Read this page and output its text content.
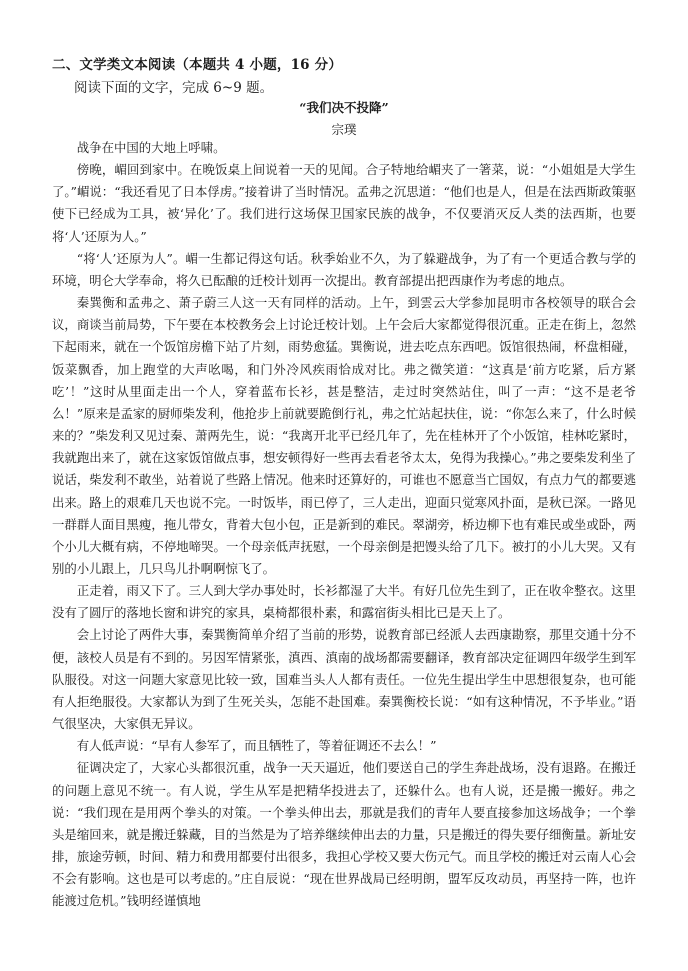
二、文学类文本阅读（本题共 4 小题，16 分）
阅读下面的文字，完成 6~9 题。
“我们决不投降”
宗璞

战争在中国的大地上呼啸。

傍晚，嵋回到家中。在晚饭桌上间说着一天的见闻。合子特地给嵋夹了一箸菜，说：“小姐姐是大学生了。”嵋说：“我还看见了日本俘虏。”接着讲了当时情况。孟弗之沉思道：“他们也是人，但是在法西斯政策驱使下已经成为工具，被‘异化’了。我们进行这场保卫国家民族的战争，不仅要消灭反人类的法西斯，也要将‘人’还原为人。”

“将‘人’还原为人”。嵋一生都记得这句话。秋季始业不久，为了躲避战争，为了有一个更适合教与学的环境，明仑大学奉命，将久已酝酿的迁校计划再一次提出。教育部提出把西康作为考虑的地点。

秦巽衡和孟弗之、萧子蔚三人这一天有同样的活动。上午，到雲云大学参加昆明市各校领导的联合会议，商谈当前局势，下午要在本校教务会上讨论迁校计划。上午会后大家都觉得很沉重。正走在街上，忽然下起雨来，就在一个饭馆房檐下站了片刻，雨势愈猛。巽衡说，进去吃点东西吧。饭馆很热闹，杯盘相碰，饭菜飘香，加上跑堂的大声吆喝，和门外冷风疾雨恰成对比。弗之微笑道：“这真是‘前方吃紧，后方紧吃’！”这时从里面走出一个人，穿着蓝布长衫，甚是整洁，走过时突然站住，叫了一声：“这不是老爷么！”原来是孟家的厨师柴发利，他抢步上前就要跪倒行礼，弗之忙站起扶住，说：“你怎么来了，什么时候来的？”柴发利又见过秦、萧两先生，说：“我离开北平已经几年了，先在桂林开了个小饭馆，桂林吃紧时，我就跑出来了，就在这家饭馆做点事，想安顿得好一些再去看老爷太太，免得为我操心。”弗之要柴发利坐了说话，柴发利不敢坐，站着说了些路上情况。他来时还算好的，可谁也不愿意当亡国奴，有点力气的都要逃出来。路上的艰难几天也说不完。一时饭毕，雨已停了，三人走出，迎面只觉寒风扑面，是秋已深。一路见一群群人面目黑瘦，拖儿带女，背着大包小包，正是新到的难民。翠湖旁，桥边柳下也有难民或坐或卧，两个小儿大概有病，不停地啼哭。一个母亲低声抚慰，一个母亲倒是把馒头给了几下。被打的小儿大哭。又有别的小儿跟上，几只鸟儿扑啊啊惊飞了。

正走着，雨又下了。三人到大学办事处时，长衫都湿了大半。有好几位先生到了，正在收伞整衣。这里没有了圆厅的落地长窗和讲究的家具，桌椅都很朴素，和露宿街头相比已是天上了。

会上讨论了两件大事，秦巽衡简单介绍了当前的形势，说教育部已经派人去西康勘察，那里交通十分不便，該校人员是有不到的。另因军情紧张，滇西、滇南的战场都需要翻译，教育部决定征调四年级学生到军队服役。对这一问题大家意见比较一致，国难当头人人都有责任。一位先生提出学生中思想很复杂，也可能有人拒绝服役。大家都认为到了生死关头，怎能不赴国难。秦巽衡校长说：“如有这种情况，不予毕业。”语气很坚决，大家俱无异议。

有人低声说：“早有人参军了，而且牺牲了，等着征调还不去么！”

征调决定了，大家心头都很沉重，战争一天天逼近，他们要送自己的学生奔赴战场，没有退路。在搬迁的问题上意见不统一。有人说，学生从军是把精华投进去了，还躲什么。也有人说，还是搬一搬好。弗之说：“我们现在是用两个拳头的对策。一个拳头伸出去，那就是我们的青年人要直接参加这场战争；一个拳头是缩回来，就是搬迁躲藏，目的当然是为了培养继续伸出去的力量，只是搬迁的得失要仔细衡量。新址安排，旅途劳顿，时间、精力和费用都要付出很多，我担心学校又要大伤元气。而且学校的搬迁对云南人心会不会有影响。这也是可以考虑的。”庄自辰说：“现在世界战局已经明朗，盟军反攻动员，再坚持一阵，也许能渡过危机。”钱明经谨慎地
